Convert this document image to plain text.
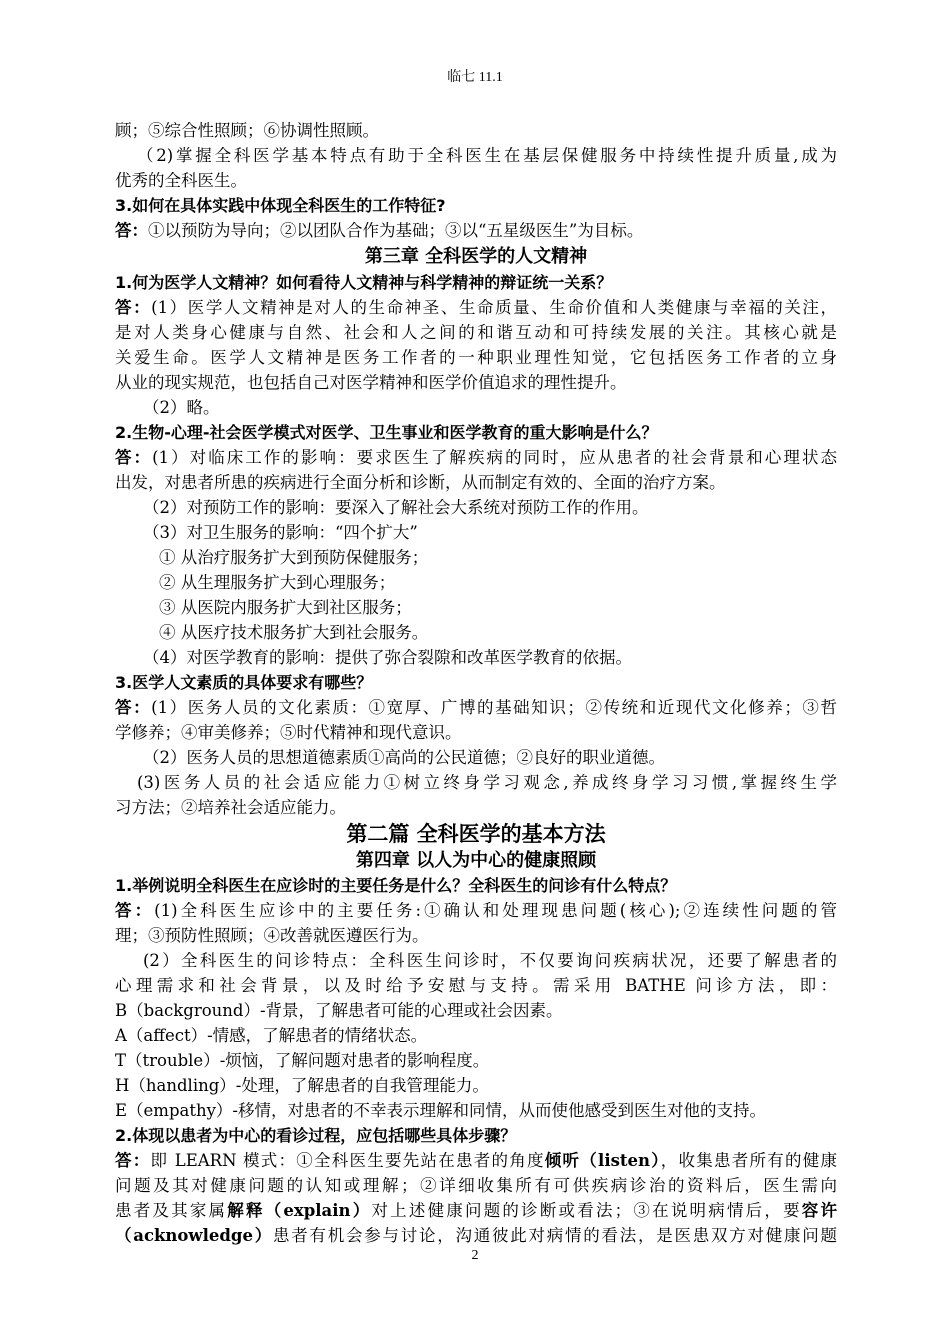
临七 11.1
顾；⑤综合性照顾；⑥协调性照顾。
（2)掌握全科医学基本特点有助于全科医生在基层保健服务中持续性提升质量,成为
优秀的全科医生。
3.如何在具体实践中体现全科医生的工作特征?
答：①以预防为导向；②以团队合作为基础；③以“五星级医生”为目标。
第三章 全科医学的人文精神
1.何为医学人文精神？如何看待人文精神与科学精神的辩证统一关系？
答：(1）医学人文精神是对人的生命神圣、生命质量、生命价值和人类健康与幸福的关注，
是对人类身心健康与自然、社会和人之间的和谐互动和可持续发展的关注。其核心就是
关爱生命。医学人文精神是医务工作者的一种职业理性知觉，它包括医务工作者的立身
从业的现实规范，也包括自己对医学精神和医学价值追求的理性提升。
（2）略。
2.生物-心理-社会医学模式对医学、卫生事业和医学教育的重大影响是什么？
答：(1）对临床工作的影响：要求医生了解疾病的同时，应从患者的社会背景和心理状态
出发，对患者所患的疾病进行全面分析和诊断，从而制定有效的、全面的治疗方案。
（2）对预防工作的影响：要深入了解社会大系统对预防工作的作用。
（3）对卫生服务的影响：“四个扩大”
① 从治疗服务扩大到预防保健服务；
② 从生理服务扩大到心理服务；
③ 从医院内服务扩大到社区服务；
④ 从医疗技术服务扩大到社会服务。
（4）对医学教育的影响：提供了弥合裂隙和改革医学教育的依据。
3.医学人文素质的具体要求有哪些？
答：(1）医务人员的文化素质：①宽厚、广博的基础知识；②传统和近现代文化修养；③哲
学修养；④审美修养；⑤时代精神和现代意识。
（2）医务人员的思想道德素质①高尚的公民道德；②良好的职业道德。
(3)医务人员的社会适应能力①树立终身学习观念,养成终身学习习惯,掌握终生学
习方法；②培养社会适应能力。
第二篇 全科医学的基本方法
第四章 以人为中心的健康照顾
1.举例说明全科医生在应诊时的主要任务是什么？全科医生的问诊有什么特点？
答：(1)全科医生应诊中的主要任务:①确认和处理现患问题(核心);②连续性问题的管
理；③预防性照顾；④改善就医遵医行为。
(2）全科医生的问诊特点：全科医生问诊时，不仅要询问疾病状况，还要了解患者的
心理需求和社会背景，以及时给予安慰与支持。需采用 BATHE 问诊方法，即：
B（background）-背景，了解患者可能的心理或社会因素。
A（affect）-情感，了解患者的情绪状态。
T（trouble）-烦恼，了解问题对患者的影响程度。
H（handling）-处理，了解患者的自我管理能力。
E（empathy）-移情，对患者的不幸表示理解和同情，从而使他感受到医生对他的支持。
2.体现以患者为中心的看诊过程，应包括哪些具体步骤？
答：即 LEARN 模式：①全科医生要先站在患者的角度倾听（listen），收集患者所有的健康
问题及其对健康问题的认知或理解；②详细收集所有可供疾病诊治的资料后，医生需向
患者及其家属解释（explain）对上述健康问题的诊断或看法；③在说明病情后，要容许
（acknowledge）患者有机会参与讨论，沟通彼此对病情的看法，是医患双方对健康问题
2
